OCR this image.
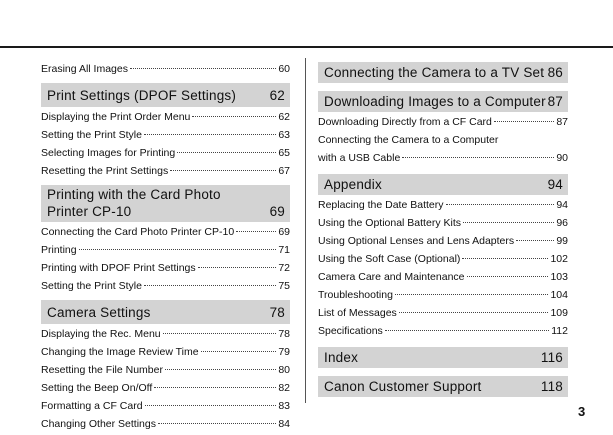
Erasing All Images	60
Print Settings (DPOF Settings) 62
Displaying the Print Order Menu	62
Setting the Print Style	63
Selecting Images for Printing	65
Resetting the Print Settings	67
Printing with the Card Photo
Printer CP-10	69
Connecting the Card Photo Printer CP-10	69
Printing	71
Printing with DPOF Print Settings	72
Setting the Print Style	75
Camera Settings	78
Displaying the Rec. Menu	78
Changing the Image Review Time	79
Resetting the File Number	80
Setting the Beep On/Off	82
Formatting a CF Card	83
Changing Other Settings	84
Connecting the Camera to a TV Set 86
Downloading Images to a Computer 87
Downloading Directly from a CF Card	87
Connecting the Camera to a Computer
with a USB Cable	90
Appendix	94
Replacing the Date Battery	94
Using the Optional Battery Kits	96
Using Optional Lenses and Lens Adapters	99
Using the Soft Case (Optional)	102
Camera Care and Maintenance	103
Troubleshooting	104
List of Messages	109
Specifications	112
Index	116
Canon Customer Support	118
3
